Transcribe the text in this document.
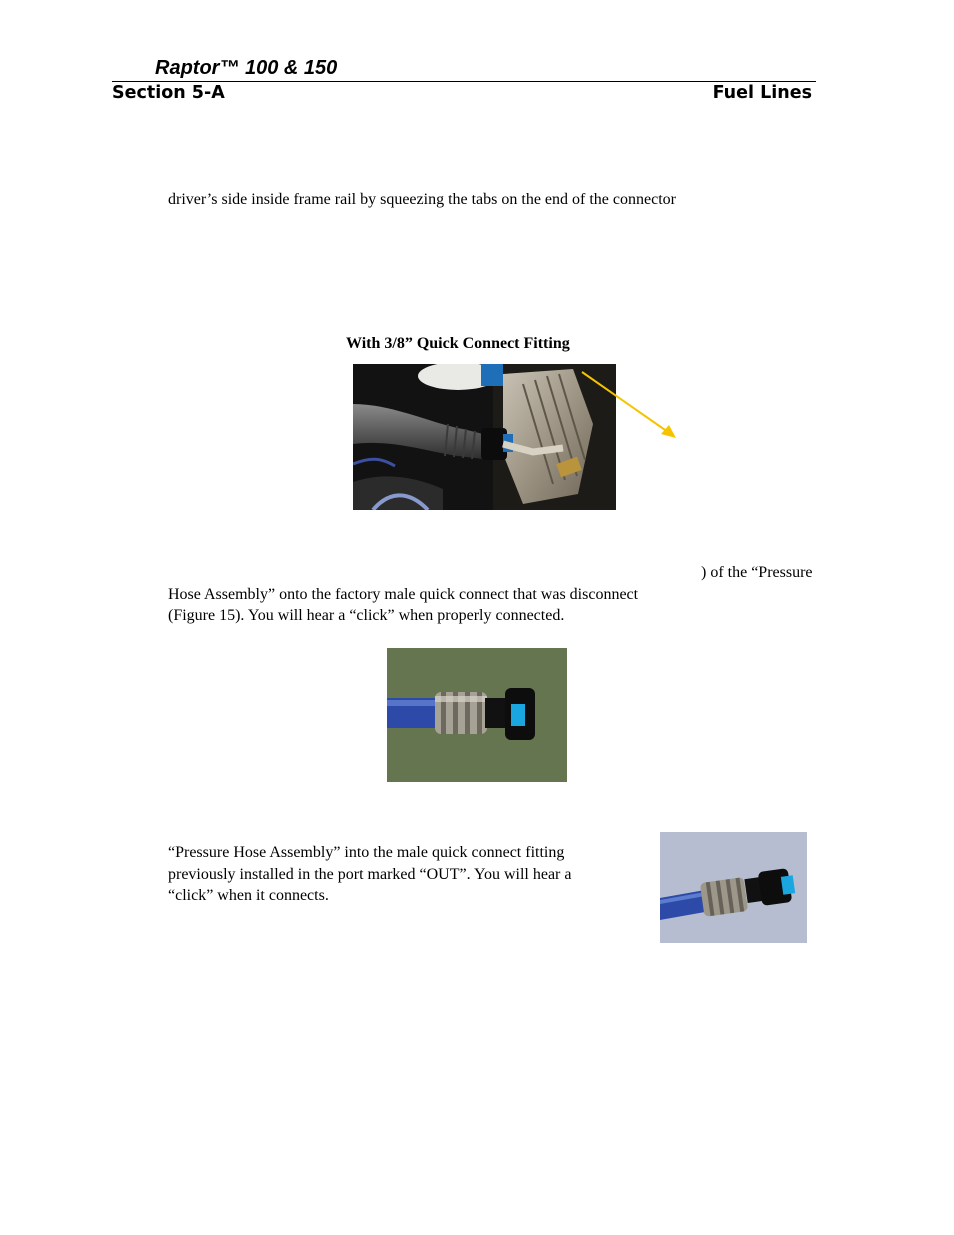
Raptor™ 100 & 150
Section 5-A	Fuel Lines
driver’s side inside frame rail by squeezing the tabs on the end of the connector
With 3/8” Quick Connect Fitting
) of the “Pressure
Hose Assembly” onto the factory male quick connect that was disconnect
(Figure 15). You will hear a “click” when properly connected.
“Pressure Hose Assembly” into the male quick connect fitting
previously installed in the port marked “OUT”. You will hear a
“click” when it connects.
